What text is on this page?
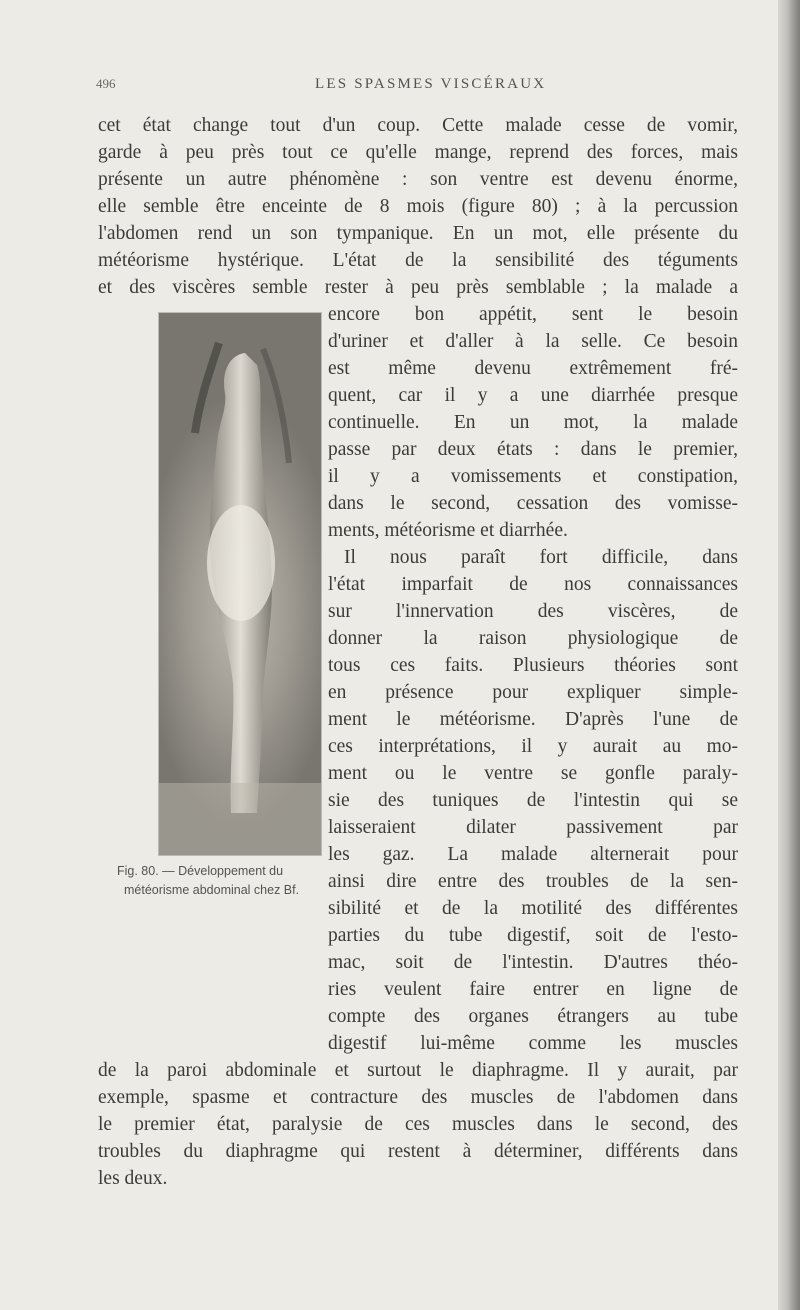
496	LES SPASMES VISCÉRAUX
cet état change tout d'un coup. Cette malade cesse de vomir,
garde à peu près tout ce qu'elle mange, reprend des forces, mais
présente un autre phénomène : son ventre est devenu énorme,
elle semble être enceinte de 8 mois (figure 80) ; à la percussion
l'abdomen rend un son tympanique. En un mot, elle présente du
météorisme hystérique. L'état de la sensibilité des téguments
et des viscères semble rester à peu près semblable ; la malade a
Fig. 80. — Développement du
météorisme abdominal chez Bf.
encore bon appétit, sent le besoin
d'uriner et d'aller à la selle. Ce besoin
est même devenu extrêmement fré-
quent, car il y a une diarrhée presque
continuelle. En un mot, la malade
passe par deux états : dans le premier,
il y a vomissements et constipation,
dans le second, cessation des vomisse-
ments, météorisme et diarrhée.
Il nous paraît fort difficile, dans
l'état imparfait de nos connaissances
sur l'innervation des viscères, de
donner la raison physiologique de
tous ces faits. Plusieurs théories sont
en présence pour expliquer simple-
ment le météorisme. D'après l'une de
ces interprétations, il y aurait au mo-
ment ou le ventre se gonfle paraly-
sie des tuniques de l'intestin qui se
laisseraient dilater passivement par
les gaz. La malade alternerait pour
ainsi dire entre des troubles de la sen-
sibilité et de la motilité des différentes
parties du tube digestif, soit de l'esto-
mac, soit de l'intestin. D'autres théo-
ries veulent faire entrer en ligne de
compte des organes étrangers au tube
digestif lui-même comme les muscles
de la paroi abdominale et surtout le diaphragme. Il y aurait, par
exemple, spasme et contracture des muscles de l'abdomen dans
le premier état, paralysie de ces muscles dans le second, des
troubles du diaphragme qui restent à déterminer, différents dans
les deux.
